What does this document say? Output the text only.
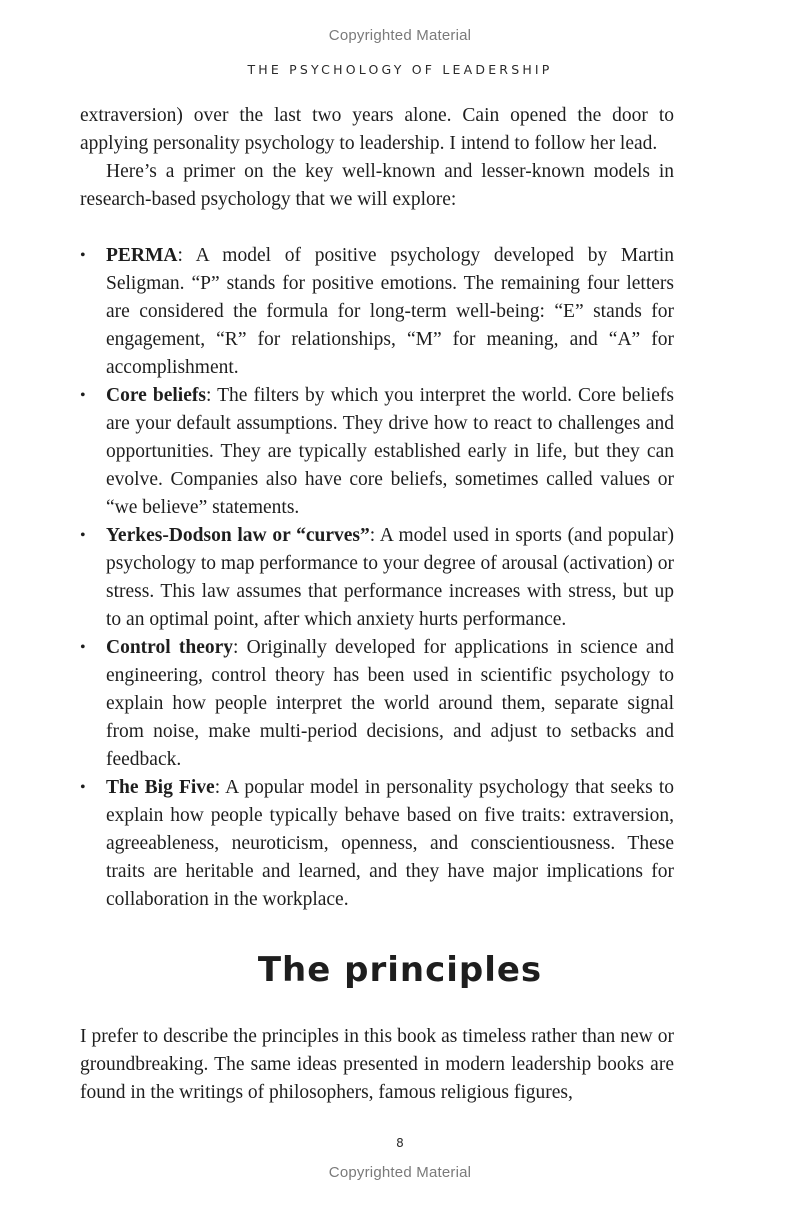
Copyrighted Material
THE PSYCHOLOGY OF LEADERSHIP

extraversion) over the last two years alone. Cain opened the door to applying personality psychology to leadership. I intend to follow her lead.

Here’s a primer on the key well-known and lesser-known models in research-based psychology that we will explore:

• PERMA: A model of positive psychology developed by Martin Seligman. “P” stands for positive emotions. The remaining four letters are considered the formula for long-term well-being: “E” stands for engagement, “R” for relationships, “M” for meaning, and “A” for accomplishment.
• Core beliefs: The filters by which you interpret the world. Core beliefs are your default assumptions. They drive how to react to challenges and opportunities. They are typically established early in life, but they can evolve. Companies also have core beliefs, sometimes called values or “we believe” statements.
• Yerkes-Dodson law or “curves”: A model used in sports (and popular) psychology to map performance to your degree of arousal (activation) or stress. This law assumes that performance increases with stress, but up to an optimal point, after which anxiety hurts performance.
• Control theory: Originally developed for applications in science and engineering, control theory has been used in scientific psychology to explain how people interpret the world around them, separate signal from noise, make multi-period decisions, and adjust to setbacks and feedback.
• The Big Five: A popular model in personality psychology that seeks to explain how people typically behave based on five traits: extraversion, agreeableness, neuroticism, openness, and conscientiousness. These traits are heritable and learned, and they have major implications for collaboration in the workplace.
The principles

I prefer to describe the principles in this book as timeless rather than new or groundbreaking. The same ideas presented in modern leadership books are found in the writings of philosophers, famous religious figures,

8
Copyrighted Material
